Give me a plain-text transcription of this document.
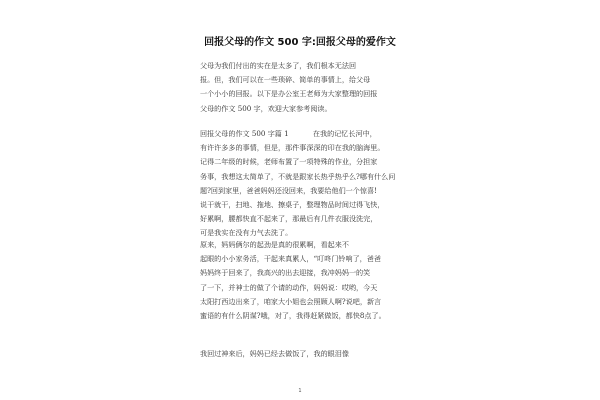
回报父母的作文 500 字:回报父母的爱作文
父母为我们付出的实在是太多了，我们根本无法回
报。但，我们可以在一些琐碎、简单的事情上，给父母
一个小小的回报。以下是办公室王老师为大家整理的回报
父母的作文 500 字，欢迎大家参考阅读。
回报父母的作文 500 字篇 1	在我的记忆长河中，
有许许多多的事情，但是，那件事深深的印在我的脑海里。
记得二年级的时候，老师布置了一项特殊的作业，分担家
务事，我想这太简单了，不就是跟家长热乎热乎么?哪有什么问
题?回到家里，爸爸妈妈还没回来，我要给他们一个惊喜!
说干就干，扫地、拖地、擦桌子，整理物品时间过得飞快，
好累啊，腰都快直不起来了，那最后有几件衣服没洗完，
可是我实在没有力气去洗了。
原来，妈妈俩尔的起劲是真的很累啊，看起来不
起眼的小小家务活，干起来真累人，“叮咚门铃响了，爸爸
妈妈终于回来了，我高兴的出去迎接，我冲妈妈一的笑
了一下，并神士的做了个请的动作，妈妈说：哎哟，今天
太阳打西边出来了，咱家大小姐也会照顾人啊?说吧，新言
蜜语的有什么阴谋?哦，对了，我得赶紧做饭，都快8点了。
我回过神来后，妈妈已经去做饭了，我的眼泪像
1
